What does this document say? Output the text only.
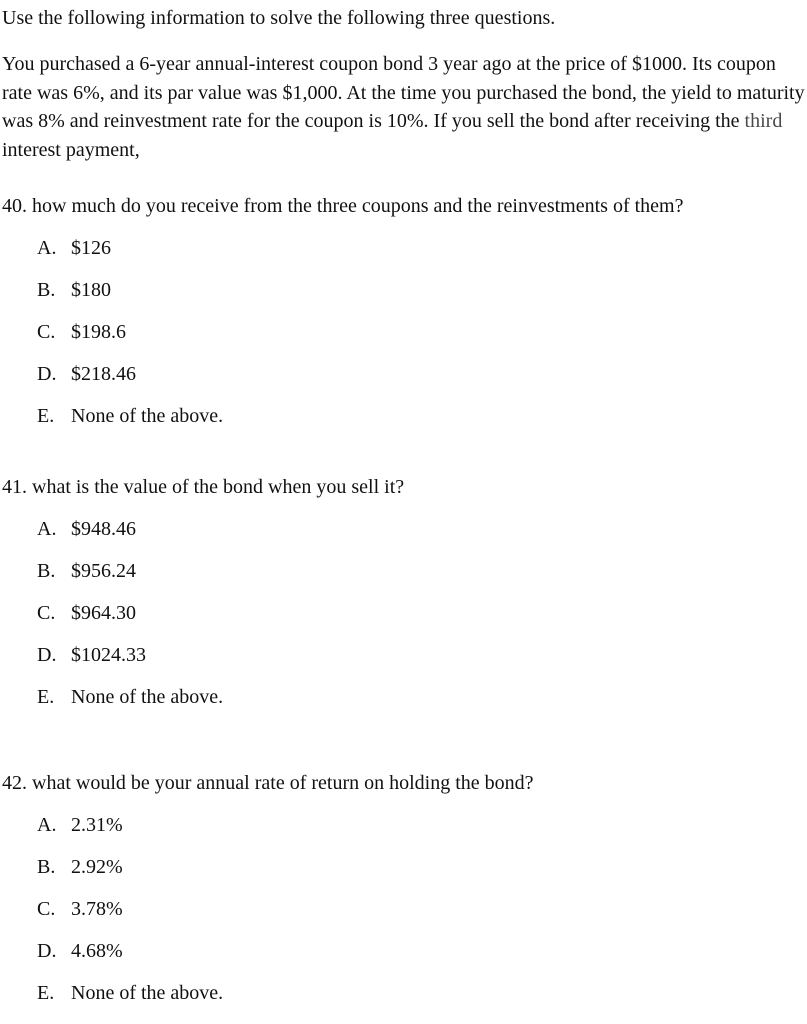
Use the following information to solve the following three questions.

You purchased a 6-year annual-interest coupon bond 3 year ago at the price of $1000. Its coupon rate was 6%, and its par value was $1,000. At the time you purchased the bond, the yield to maturity was 8% and reinvestment rate for the coupon is 10%. If you sell the bond after receiving the third interest payment,

40. how much do you receive from the three coupons and the reinvestments of them?
A. $126
B. $180
C. $198.6
D. $218.46
E. None of the above.
41. what is the value of the bond when you sell it?
A. $948.46
B. $956.24
C. $964.30
D. $1024.33
E. None of the above.
42. what would be your annual rate of return on holding the bond?
A. 2.31%
B. 2.92%
C. 3.78%
D. 4.68%
E. None of the above.
